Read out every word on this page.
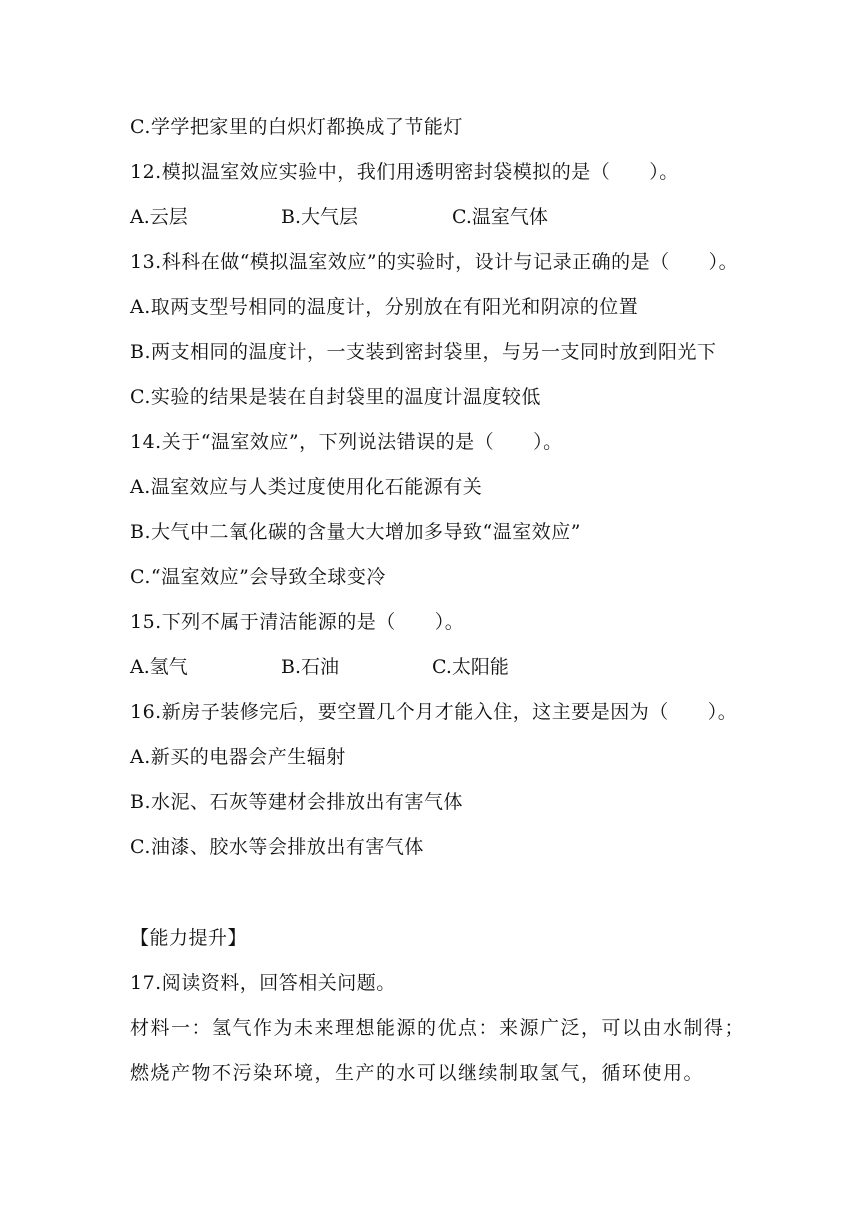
C.学学把家里的白炽灯都换成了节能灯
12.模拟温室效应实验中，我们用透明密封袋模拟的是（　　）。
A.云层	B.大气层	C.温室气体
13.科科在做“模拟温室效应”的实验时，设计与记录正确的是（　　）。
A.取两支型号相同的温度计，分别放在有阳光和阴凉的位置
B.两支相同的温度计，一支装到密封袋里，与另一支同时放到阳光下
C.实验的结果是装在自封袋里的温度计温度较低
14.关于“温室效应”，下列说法错误的是（　　）。
A.温室效应与人类过度使用化石能源有关
B.大气中二氧化碳的含量大大增加多导致“温室效应”
C.“温室效应”会导致全球变冷
15.下列不属于清洁能源的是（　　）。
A.氢气	B.石油	C.太阳能
16.新房子装修完后，要空置几个月才能入住，这主要是因为（　　）。
A.新买的电器会产生辐射
B.水泥、石灰等建材会排放出有害气体
C.油漆、胶水等会排放出有害气体
【能力提升】
17.阅读资料，回答相关问题。
材料一：氢气作为未来理想能源的优点：来源广泛，可以由水制得；
燃烧产物不污染环境，生产的水可以继续制取氢气，循环使用。
